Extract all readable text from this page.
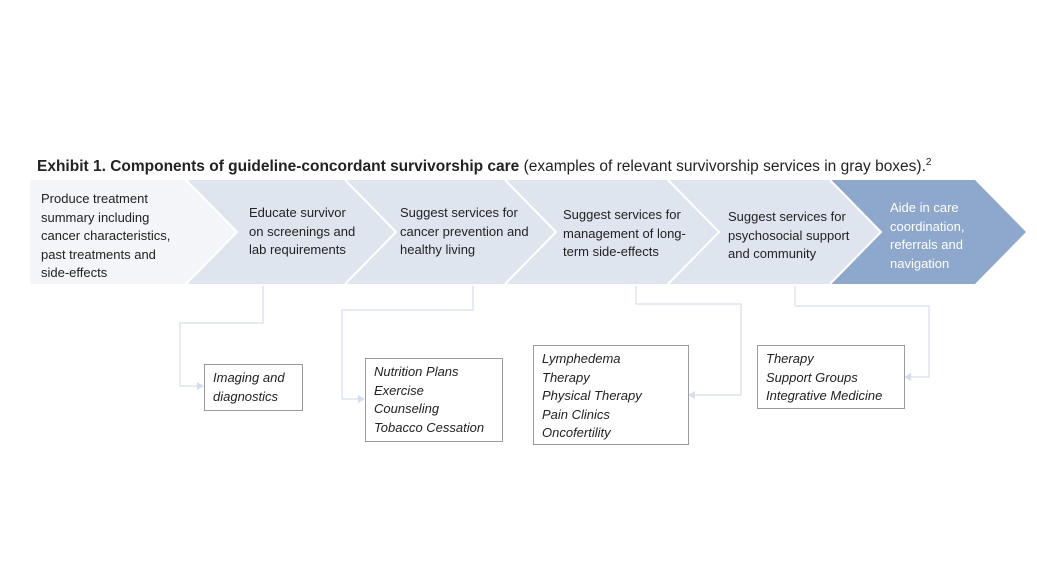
Exhibit 1. Components of guideline-concordant survivorship care (examples of relevant survivorship services in gray boxes).$^2$
Produce treatment
summary including
cancer characteristics,
past treatments and
side-effects
Educate survivor
on screenings and
lab requirements
Suggest services for
cancer prevention and
healthy living
Suggest services for
management of long-
term side-effects
Suggest services for
psychosocial support
and community
Aide in care
coordination,
referrals and
navigation
Imaging and
diagnostics
Nutrition Plans
Exercise
Counseling
Tobacco Cessation
Lymphedema
Therapy
Physical Therapy
Pain Clinics
Oncofertility
Therapy
Support Groups
Integrative Medicine
